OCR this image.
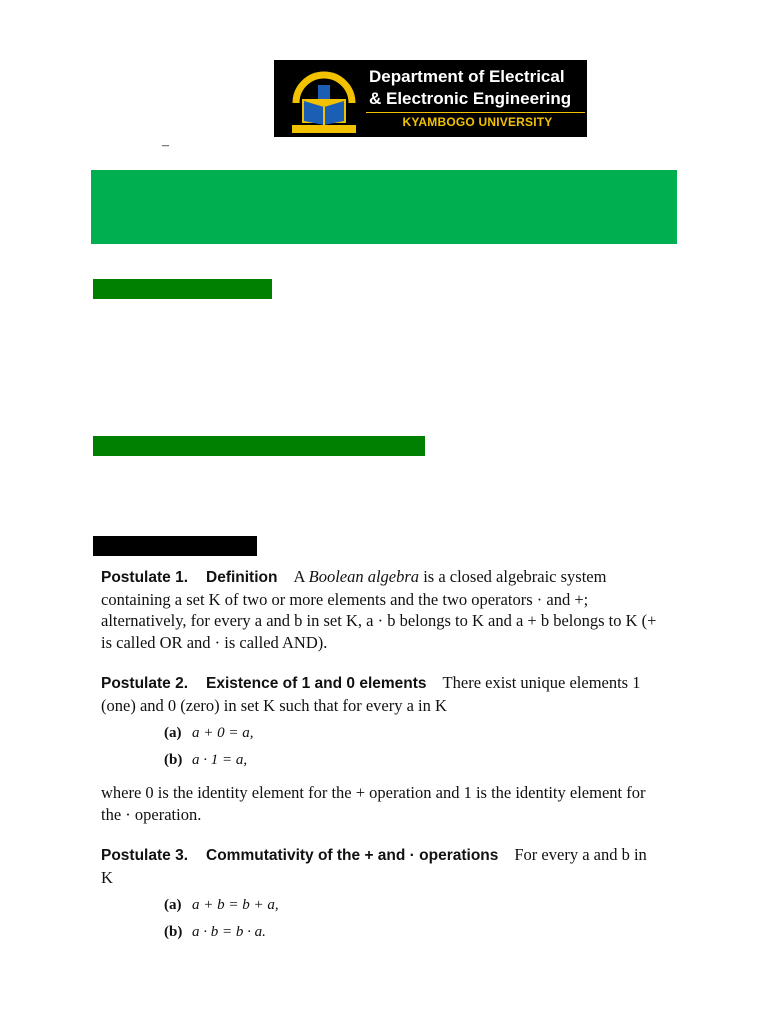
Department of Electrical
& Electronic Engineering
KYAMBOGO UNIVERSITY
–

Postulate 1. Definition A Boolean algebra is a closed algebraic system containing a set K of two or more elements and the two operators · and +; alternatively, for every a and b in set K, a · b belongs to K and a + b belongs to K (+ is called OR and · is called AND).

Postulate 2. Existence of 1 and 0 elements There exist unique elements 1 (one) and 0 (zero) in set K such that for every a in K

(a) a + 0 = a,
(b) a · 1 = a,

where 0 is the identity element for the + operation and 1 is the identity element for the · operation.

Postulate 3. Commutativity of the + and · operations For every a and b in K

(a) a + b = b + a,
(b) a · b = b · a.
